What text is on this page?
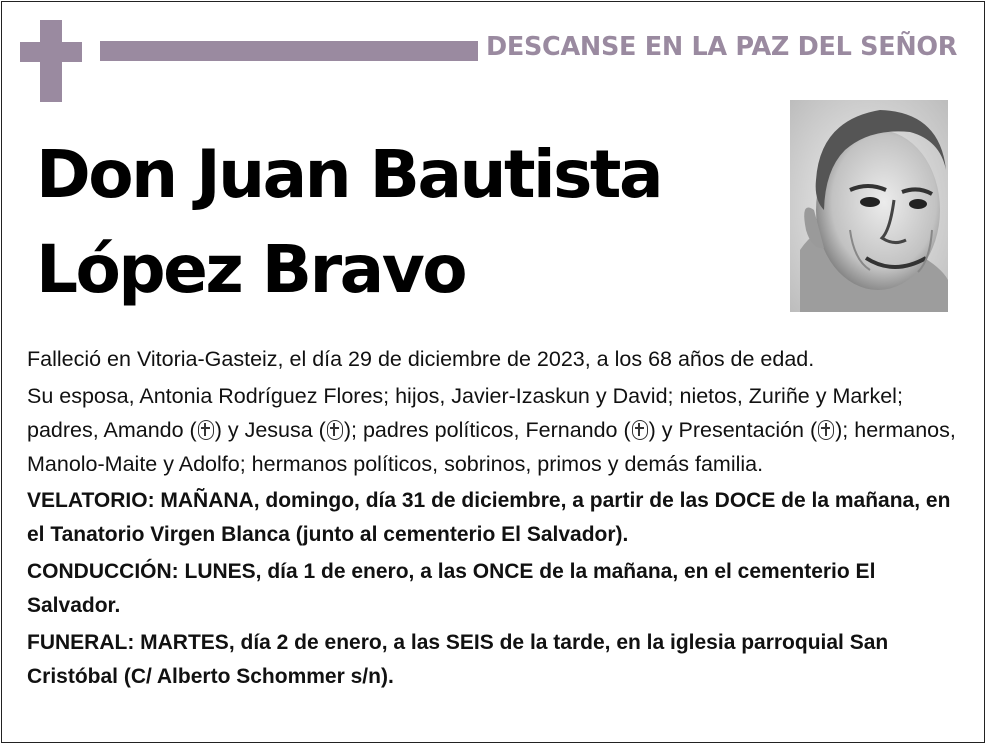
DESCANSE EN LA PAZ DEL SEÑOR
Don Juan Bautista
López Bravo

Falleció en Vitoria-Gasteiz, el día 29 de diciembre de 2023, a los 68 años de edad.

Su esposa, Antonia Rodríguez Flores; hijos, Javier-Izaskun y David; nietos, Zuriñe y Markel; padres, Amando ( ) y Jesusa ( ); padres políticos, Fernando ( ) y Presentación ( ); hermanos, Manolo-Maite y Adolfo; hermanos políticos, sobrinos, primos y demás familia.

VELATORIO: MAÑANA, domingo, día 31 de diciembre, a partir de las DOCE de la mañana, en el Tanatorio Virgen Blanca (junto al cementerio El Salvador).

CONDUCCIÓN: LUNES, día 1 de enero, a las ONCE de la mañana, en el cementerio El Salvador.

FUNERAL: MARTES, día 2 de enero, a las SEIS de la tarde, en la iglesia parroquial San Cristóbal (C/ Alberto Schommer s/n).
